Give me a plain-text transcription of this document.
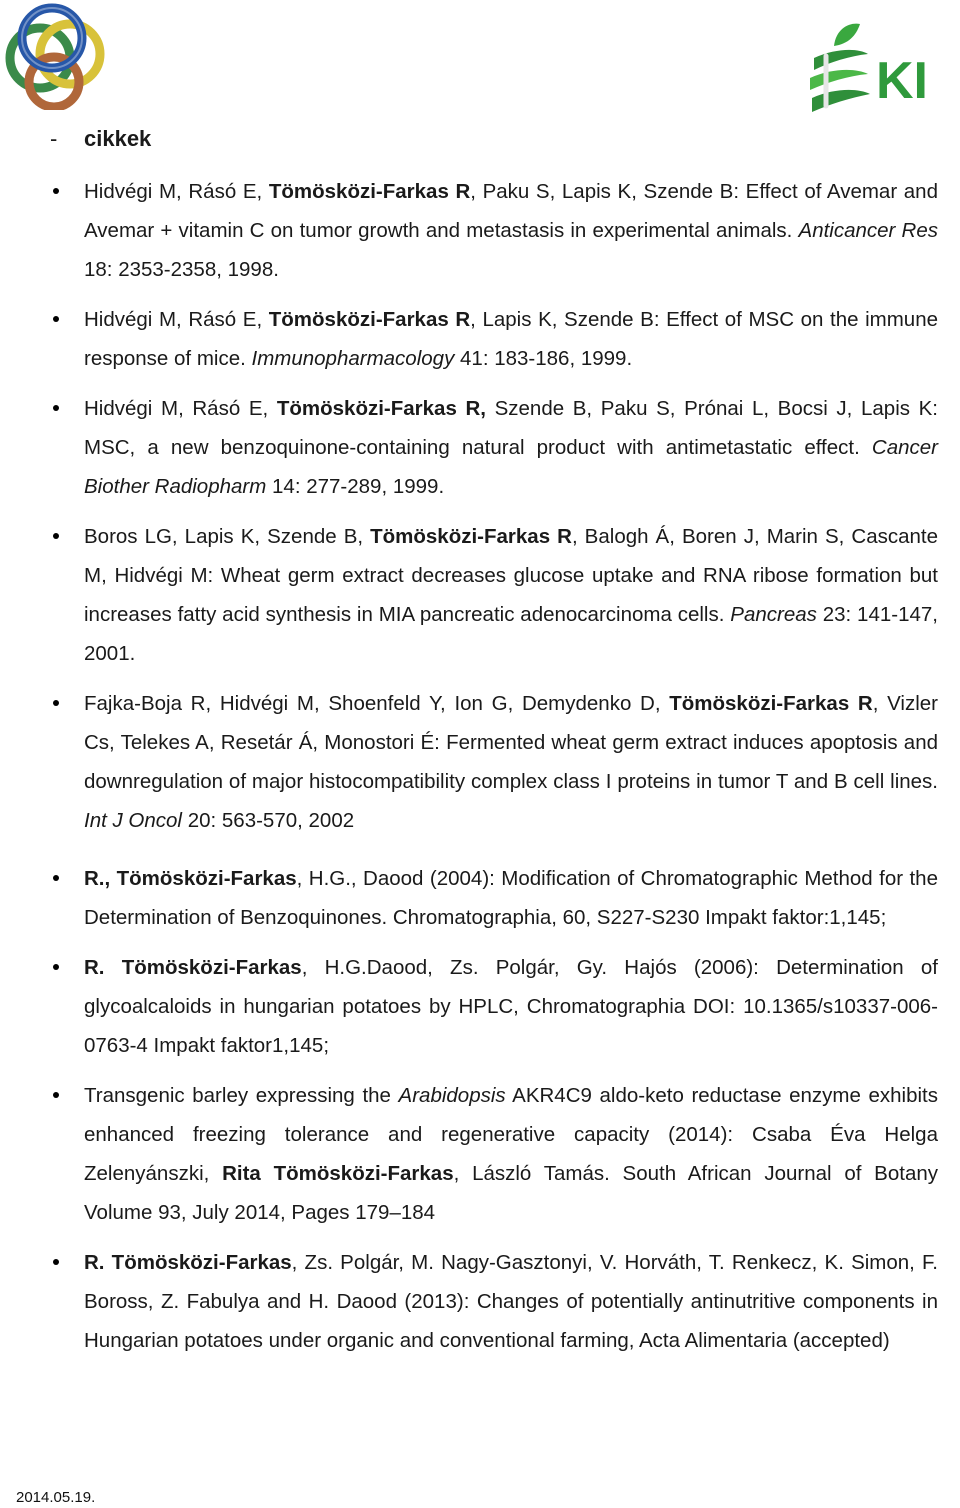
KI
- cikkek
Hidvégi M, Rásó E, Tömösközi-Farkas R, Paku S, Lapis K, Szende B: Effect of Avemar and Avemar + vitamin C on tumor growth and metastasis in experimental animals. Anticancer Res 18: 2353-2358, 1998.
Hidvégi M, Rásó E, Tömösközi-Farkas R, Lapis K, Szende B: Effect of MSC on the immune response of mice. Immunopharmacology 41: 183-186, 1999.
Hidvégi M, Rásó E, Tömösközi-Farkas R, Szende B, Paku S, Prónai L, Bocsi J, Lapis K: MSC, a new benzoquinone-containing natural product with antimetastatic effect. Cancer Biother Radiopharm 14: 277-289, 1999.
Boros LG, Lapis K, Szende B, Tömösközi-Farkas R, Balogh Á, Boren J, Marin S, Cascante M, Hidvégi M: Wheat germ extract decreases glucose uptake and RNA ribose formation but increases fatty acid synthesis in MIA pancreatic adenocarcinoma cells. Pancreas 23: 141-147, 2001.
Fajka-Boja R, Hidvégi M, Shoenfeld Y, Ion G, Demydenko D, Tömösközi-Farkas R, Vizler Cs, Telekes A, Resetár Á, Monostori É: Fermented wheat germ extract induces apoptosis and downregulation of major histocompatibility complex class I proteins in tumor T and B cell lines. Int J Oncol 20: 563-570, 2002
R., Tömösközi-Farkas, H.G., Daood (2004): Modification of Chromatographic Method for the Determination of Benzoquinones. Chromatographia, 60, S227-S230 Impakt faktor:1,145;
R. Tömösközi-Farkas, H.G.Daood, Zs. Polgár, Gy. Hajós (2006): Determination of glycoalcaloids in hungarian potatoes by HPLC, Chromatographia DOI: 10.1365/s10337-006-0763-4 Impakt faktor1,145;
Transgenic barley expressing the Arabidopsis AKR4C9 aldo-keto reductase enzyme exhibits enhanced freezing tolerance and regenerative capacity (2014): Csaba Éva Helga Zelenyánszki, Rita Tömösközi-Farkas, László Tamás. South African Journal of Botany Volume 93, July 2014, Pages 179–184
R. Tömösközi-Farkas, Zs. Polgár, M. Nagy-Gasztonyi, V. Horváth, T. Renkecz, K. Simon, F. Boross, Z. Fabulya and H. Daood (2013): Changes of potentially antinutritive components in Hungarian potatoes under organic and conventional farming, Acta Alimentaria (accepted)
2014.05.19.
